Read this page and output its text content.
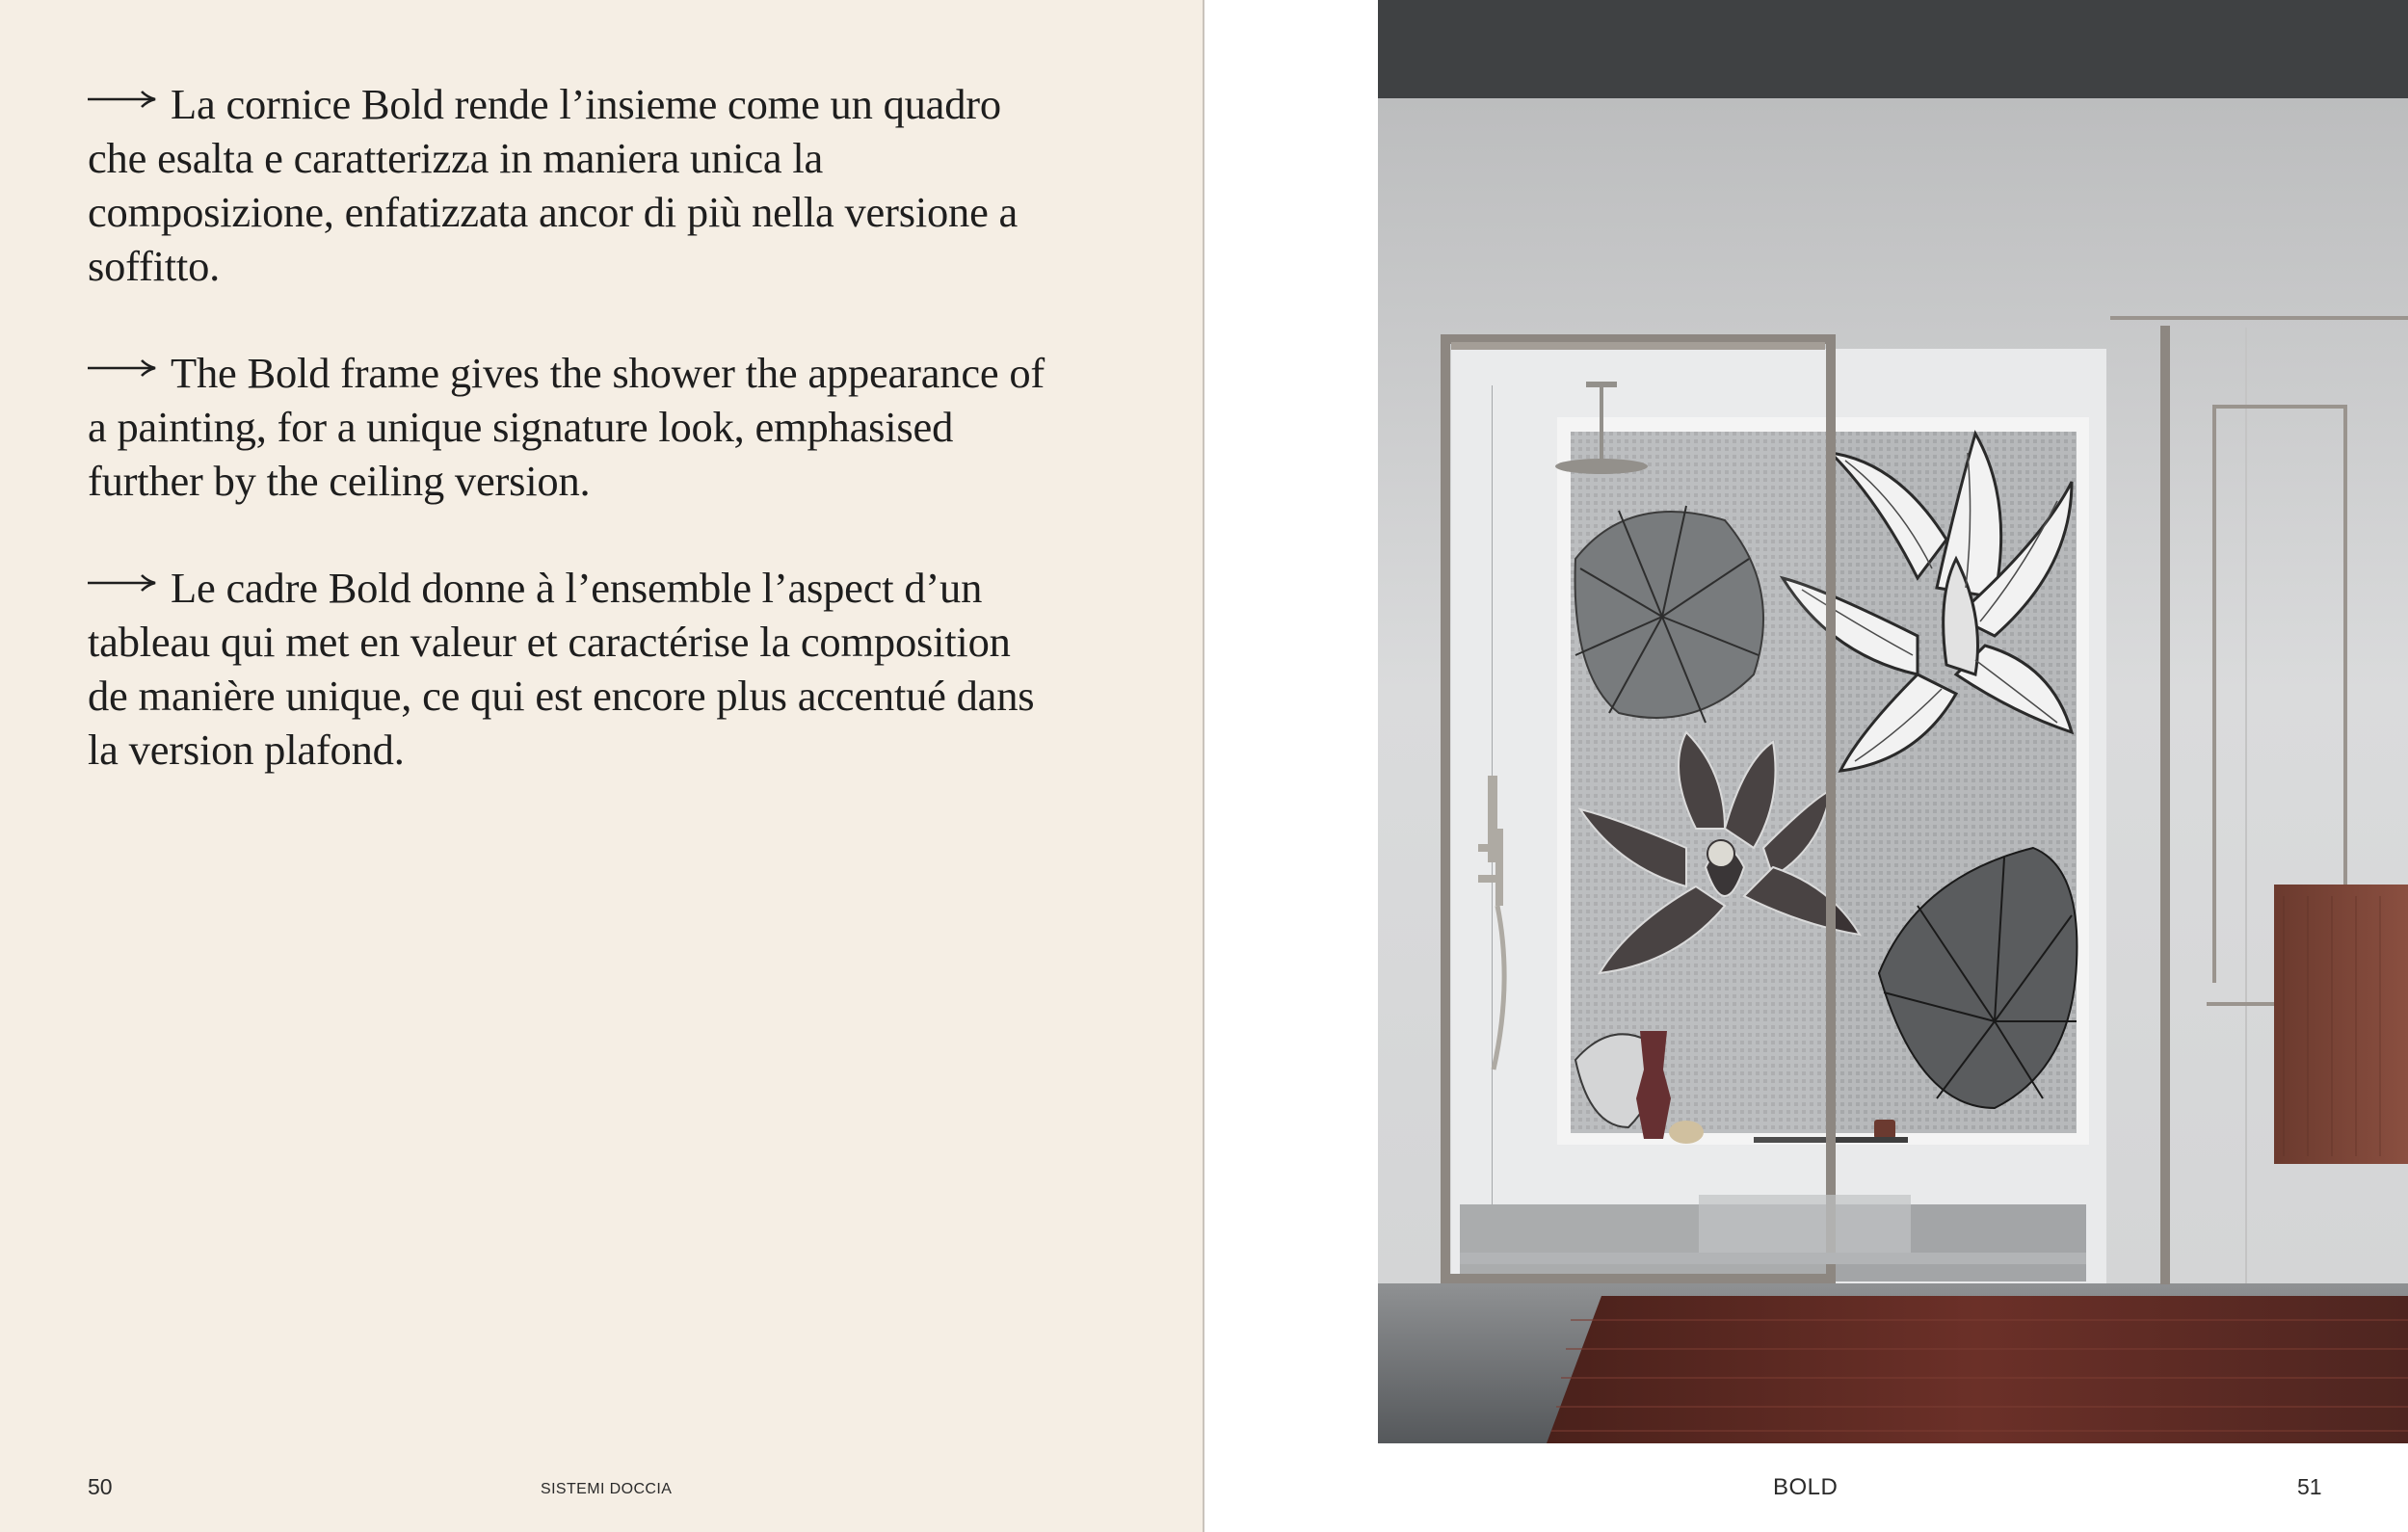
La cornice Bold rende l’insieme come un quadro che esalta e caratterizza in maniera unica la composizione, enfatizzata ancor di più nella versione a soffitto.

The Bold frame gives the shower the appearance of a painting, for a unique signature look, emphasised further by the ceiling version.

Le cadre Bold donne à l’ensemble l’aspect d’un tableau qui met en valeur et caractérise la composition de manière unique, ce qui est encore plus accentué dans la version plafond.

50	SISTEMI DOCCIA	BOLD	51
